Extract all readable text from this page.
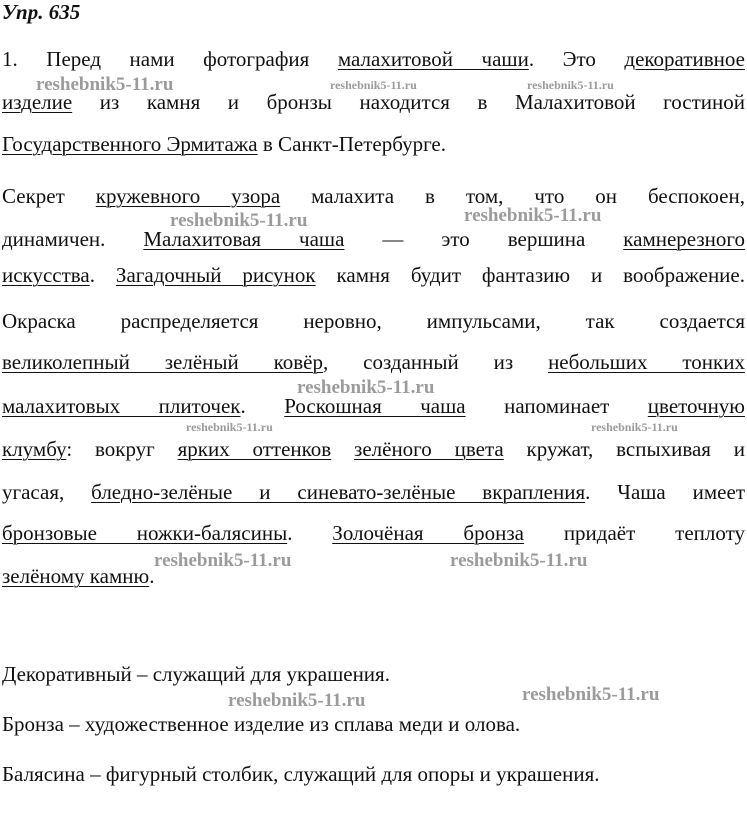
Упр. 635
1. Перед нами фотография малахитовой чаши. Это декоративное
изделие из камня и бронзы находится в Малахитовой гостиной
Государственного Эрмитажа в Санкт-Петербурге.
Секрет кружевного узора малахита в том, что он беспокоен,
динамичен. Малахитовая чаша — это вершина камнерезного
искусства. Загадочный рисунок камня будит фантазию и воображение.
Окраска распределяется неровно, импульсами, так создается
великолепный зелёный ковёр, созданный из небольших тонких
малахитовых плиточек. Роскошная чаша напоминает цветочную
клумбу: вокруг ярких оттенков зелёного цвета кружат, вспыхивая и
угасая, бледно-зелёные и синевато-зелёные вкрапления. Чаша имеет
бронзовые ножки-балясины. Золочёная бронза придаёт теплоту
зелёному камню.
Декоративный – служащий для украшения.
Бронза – художественное изделие из сплава меди и олова.
Балясина – фигурный столбик, служащий для опоры и украшения.
reshebnik5-11.ru	reshebnik5-11.ru	reshebnik5-11.ru
reshebnik5-11.ru	reshebnik5-11.ru
reshebnik5-11.ru
reshebnik5-11.ru	reshebnik5-11.ru
reshebnik5-11.ru	reshebnik5-11.ru
reshebnik5-11.ru	reshebnik5-11.ru
